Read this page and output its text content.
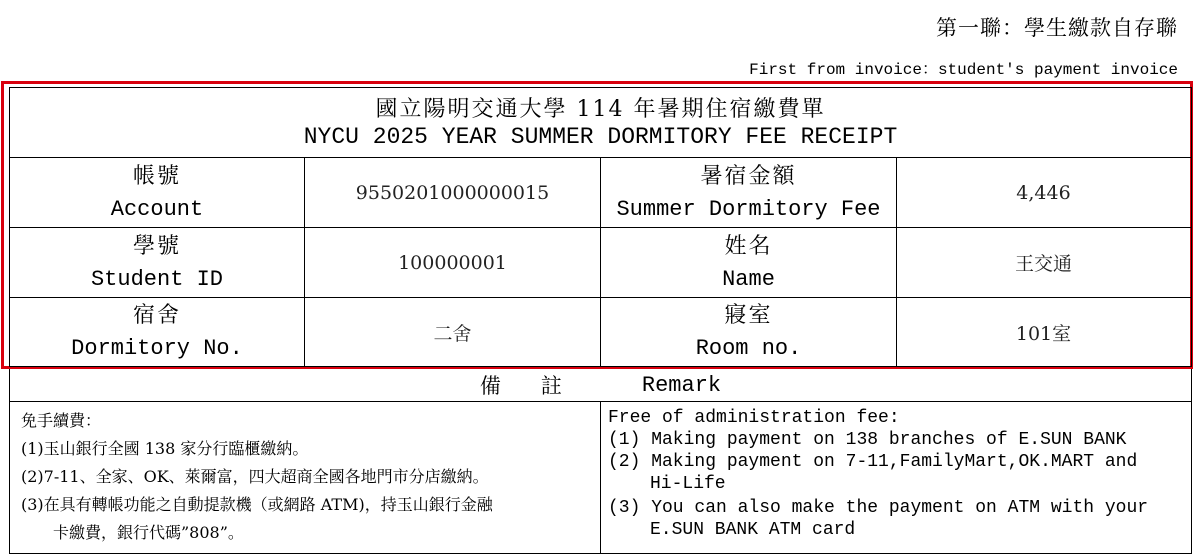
第一聯：學生繳款自存聯
First from invoice：student's payment invoice
國立陽明交通大學 114 年暑期住宿繳費單
NYCU 2025 YEAR SUMMER DORMITORY FEE RECEIPT
帳號
Account
9550201000000015
暑宿金額
Summer Dormitory Fee
4,446
學號
Student ID
100000001
姓名
Name
王交通
宿舍
Dormitory No.
二舍
寢室
Room no.
101室
備註 Remark
免手續費：
(1)玉山銀行全國 138 家分行臨櫃繳納。
(2)7-11、全家、OK、萊爾富，四大超商全國各地門市分店繳納。
(3)在具有轉帳功能之自動提款機（或網路 ATM)，持玉山銀行金融
卡繳費，銀行代碼”808”。
Free of administration fee:
(1) Making payment on 138 branches of E.SUN BANK
(2) Making payment on 7-11,FamilyMart,OK.MART and
Hi-Life
(3) You can also make the payment on ATM with your
E.SUN BANK ATM card
